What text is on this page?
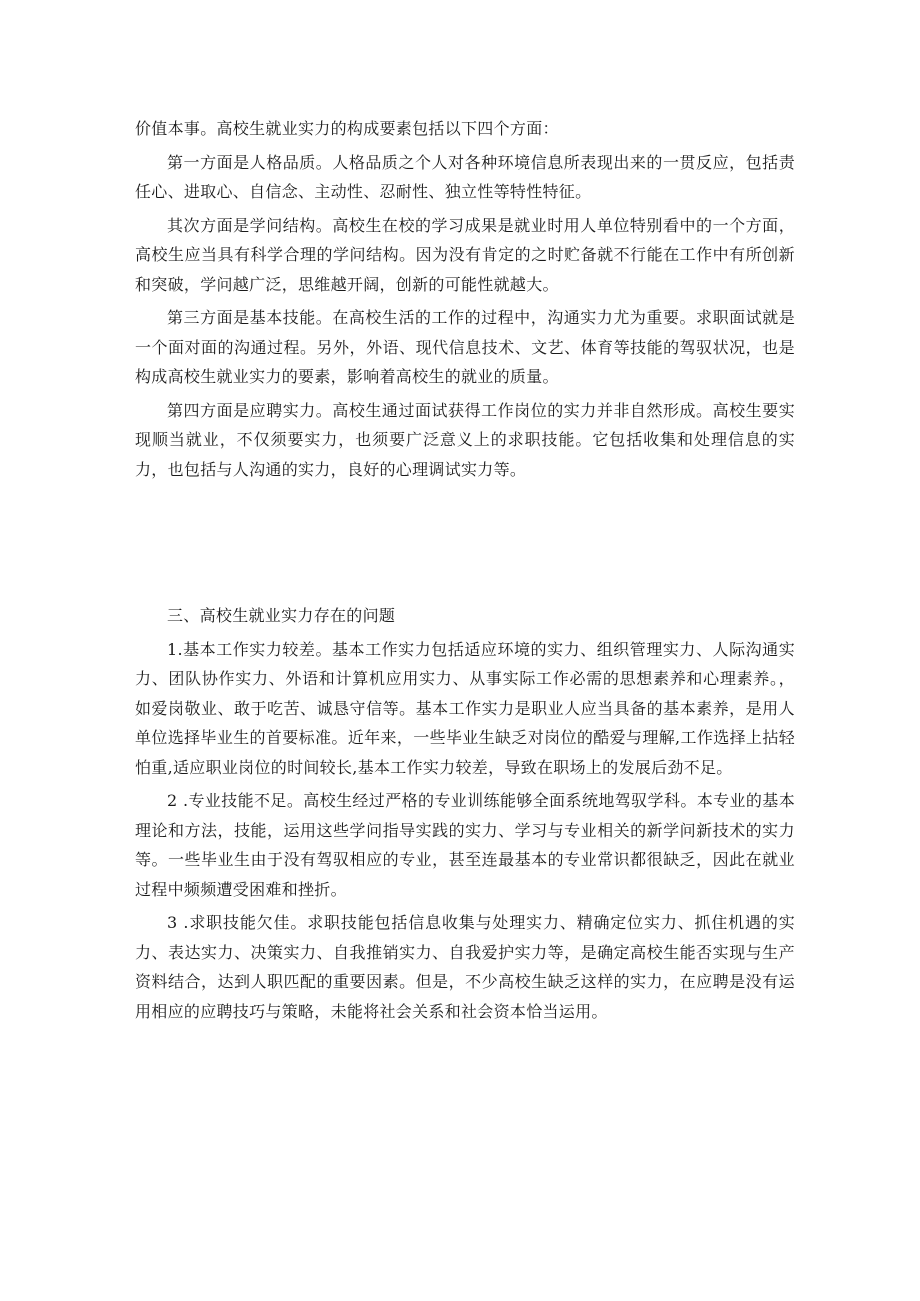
价值本事。高校生就业实力的构成要素包括以下四个方面：

第一方面是人格品质。人格品质之个人对各种环境信息所表现出来的一贯反应，包括责任心、进取心、自信念、主动性、忍耐性、独立性等特性特征。

其次方面是学问结构。高校生在校的学习成果是就业时用人单位特别看中的一个方面，高校生应当具有科学合理的学问结构。因为没有肯定的之时贮备就不行能在工作中有所创新和突破，学问越广泛，思维越开阔，创新的可能性就越大。

第三方面是基本技能。在高校生活的工作的过程中，沟通实力尤为重要。求职面试就是一个面对面的沟通过程。另外，外语、现代信息技术、文艺、体育等技能的驾驭状况，也是构成高校生就业实力的要素，影响着高校生的就业的质量。

第四方面是应聘实力。高校生通过面试获得工作岗位的实力并非自然形成。高校生要实现顺当就业，不仅须要实力，也须要广泛意义上的求职技能。它包括收集和处理信息的实力，也包括与人沟通的实力，良好的心理调试实力等。

三、高校生就业实力存在的问题

1.基本工作实力较差。基本工作实力包括适应环境的实力、组织管理实力、人际沟通实力、团队协作实力、外语和计算机应用实力、从事实际工作必需的思想素养和心理素养。，如爱岗敬业、敢于吃苦、诚恳守信等。基本工作实力是职业人应当具备的基本素养，是用人单位选择毕业生的首要标准。近年来，一些毕业生缺乏对岗位的酷爱与理解,工作选择上拈轻怕重,适应职业岗位的时间较长,基本工作实力较差，导致在职场上的发展后劲不足。

2 .专业技能不足。高校生经过严格的专业训练能够全面系统地驾驭学科。本专业的基本理论和方法，技能，运用这些学问指导实践的实力、学习与专业相关的新学问新技术的实力等。一些毕业生由于没有驾驭相应的专业，甚至连最基本的专业常识都很缺乏，因此在就业过程中频频遭受困难和挫折。

3 .求职技能欠佳。求职技能包括信息收集与处理实力、精确定位实力、抓住机遇的实力、表达实力、决策实力、自我推销实力、自我爱护实力等，是确定高校生能否实现与生产资料结合，达到人职匹配的重要因素。但是，不少高校生缺乏这样的实力，在应聘是没有运用相应的应聘技巧与策略，未能将社会关系和社会资本恰当运用。
